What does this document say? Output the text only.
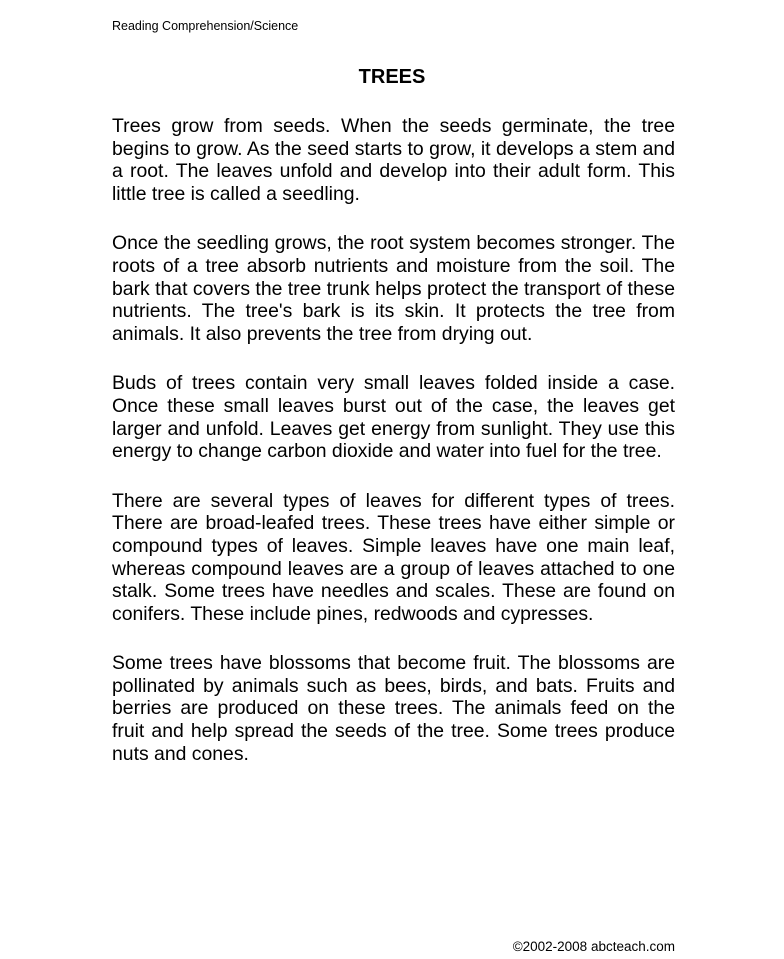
Reading Comprehension/Science
TREES

Trees grow from seeds. When the seeds germinate, the tree begins to grow. As the seed starts to grow, it develops a stem and a root. The leaves unfold and develop into their adult form. This little tree is called a seedling.

Once the seedling grows, the root system becomes stronger. The roots of a tree absorb nutrients and moisture from the soil. The bark that covers the tree trunk helps protect the transport of these nutrients. The tree's bark is its skin. It protects the tree from animals. It also prevents the tree from drying out.

Buds of trees contain very small leaves folded inside a case. Once these small leaves burst out of the case, the leaves get larger and unfold. Leaves get energy from sunlight. They use this energy to change carbon dioxide and water into fuel for the tree.

There are several types of leaves for different types of trees. There are broad-leafed trees. These trees have either simple or compound types of leaves. Simple leaves have one main leaf, whereas compound leaves are a group of leaves attached to one stalk. Some trees have needles and scales. These are found on conifers. These include pines, redwoods and cypresses.

Some trees have blossoms that become fruit. The blossoms are pollinated by animals such as bees, birds, and bats. Fruits and berries are produced on these trees. The animals feed on the fruit and help spread the seeds of the tree. Some trees produce nuts and cones.

©2002-2008 abcteach.com
